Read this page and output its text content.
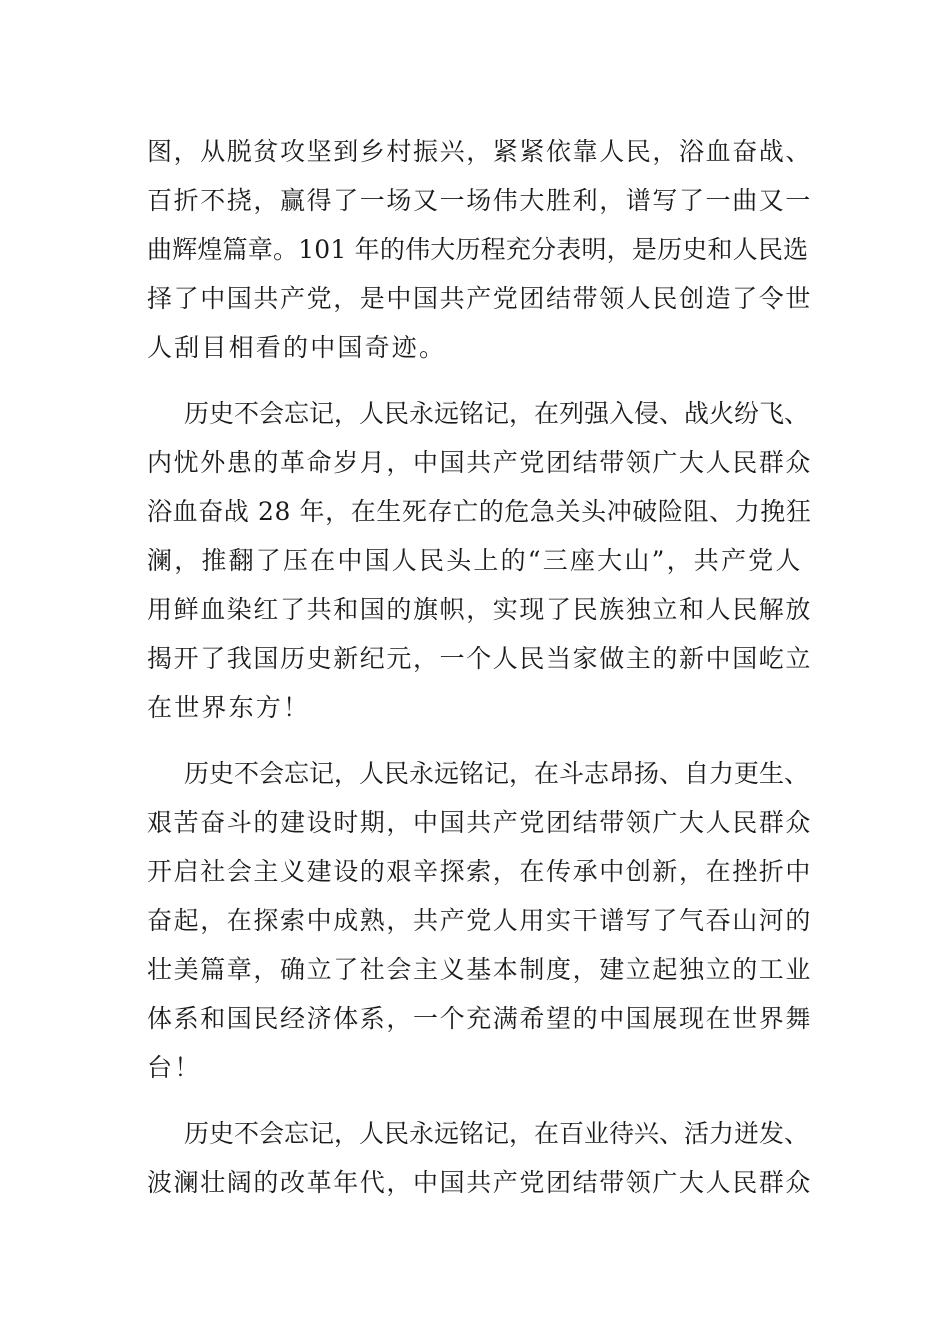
图，从脱贫攻坚到乡村振兴，紧紧依靠人民，浴血奋战、
百折不挠，赢得了一场又一场伟大胜利，谱写了一曲又一
曲辉煌篇章。101 年的伟大历程充分表明，是历史和人民选
择了中国共产党，是中国共产党团结带领人民创造了令世
人刮目相看的中国奇迹。
历史不会忘记，人民永远铭记，在列强入侵、战火纷飞、
内忧外患的革命岁月，中国共产党团结带领广大人民群众
浴血奋战 28 年，在生死存亡的危急关头冲破险阻、力挽狂
澜，推翻了压在中国人民头上的“三座大山”，共产党人
用鲜血染红了共和国的旗帜，实现了民族独立和人民解放
揭开了我国历史新纪元，一个人民当家做主的新中国屹立
在世界东方！
历史不会忘记，人民永远铭记，在斗志昂扬、自力更生、
艰苦奋斗的建设时期，中国共产党团结带领广大人民群众
开启社会主义建设的艰辛探索，在传承中创新，在挫折中
奋起，在探索中成熟，共产党人用实干谱写了气吞山河的
壮美篇章，确立了社会主义基本制度，建立起独立的工业
体系和国民经济体系，一个充满希望的中国展现在世界舞
台！
历史不会忘记，人民永远铭记，在百业待兴、活力迸发、
波澜壮阔的改革年代，中国共产党团结带领广大人民群众
